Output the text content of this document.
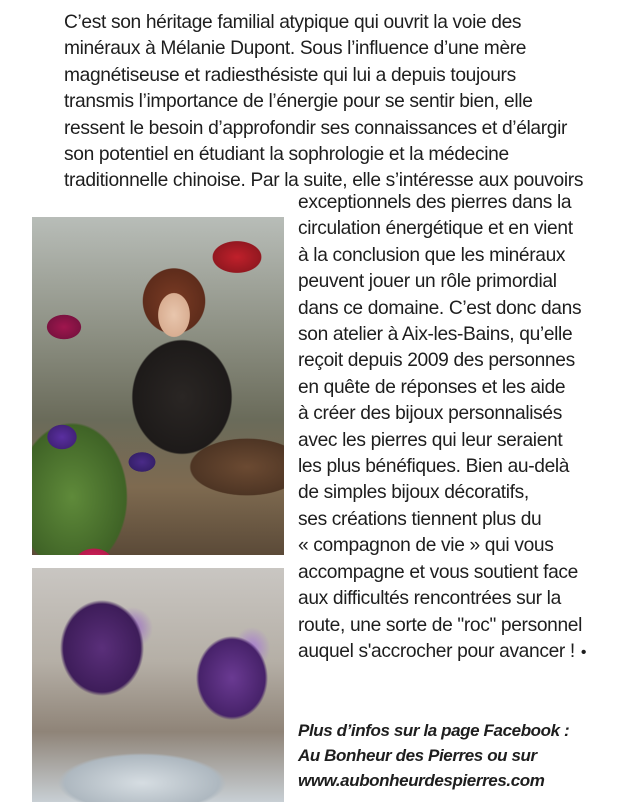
C’est son héritage familial atypique qui ouvrit la voie des
minéraux à Mélanie Dupont. Sous l’influence d’une mère
magnétiseuse et radiesthésiste qui lui a depuis toujours
transmis l’importance de l’énergie pour se sentir bien, elle
ressent le besoin d’approfondir ses connaissances et d’élargir
son potentiel en étudiant la sophrologie et la médecine
traditionnelle chinoise. Par la suite, elle s’intéresse aux pouvoirs
exceptionnels des pierres dans la
circulation énergétique et en vient
à la conclusion que les minéraux
peuvent jouer un rôle primordial
dans ce domaine. C’est donc dans
son atelier à Aix-les-Bains, qu’elle
reçoit depuis 2009 des personnes
en quête de réponses et les aide
à créer des bijoux personnalisés
avec les pierres qui leur seraient
les plus bénéfiques. Bien au-delà
de simples bijoux décoratifs,
ses créations tiennent plus du
« compagnon de vie » qui vous
accompagne et vous soutient face
aux difficultés rencontrées sur la
route, une sorte de "roc" personnel
auquel s'accrocher pour avancer ! •
Plus d’infos sur la page Facebook :
Au Bonheur des Pierres ou sur
www.aubonheurdespierres.com
